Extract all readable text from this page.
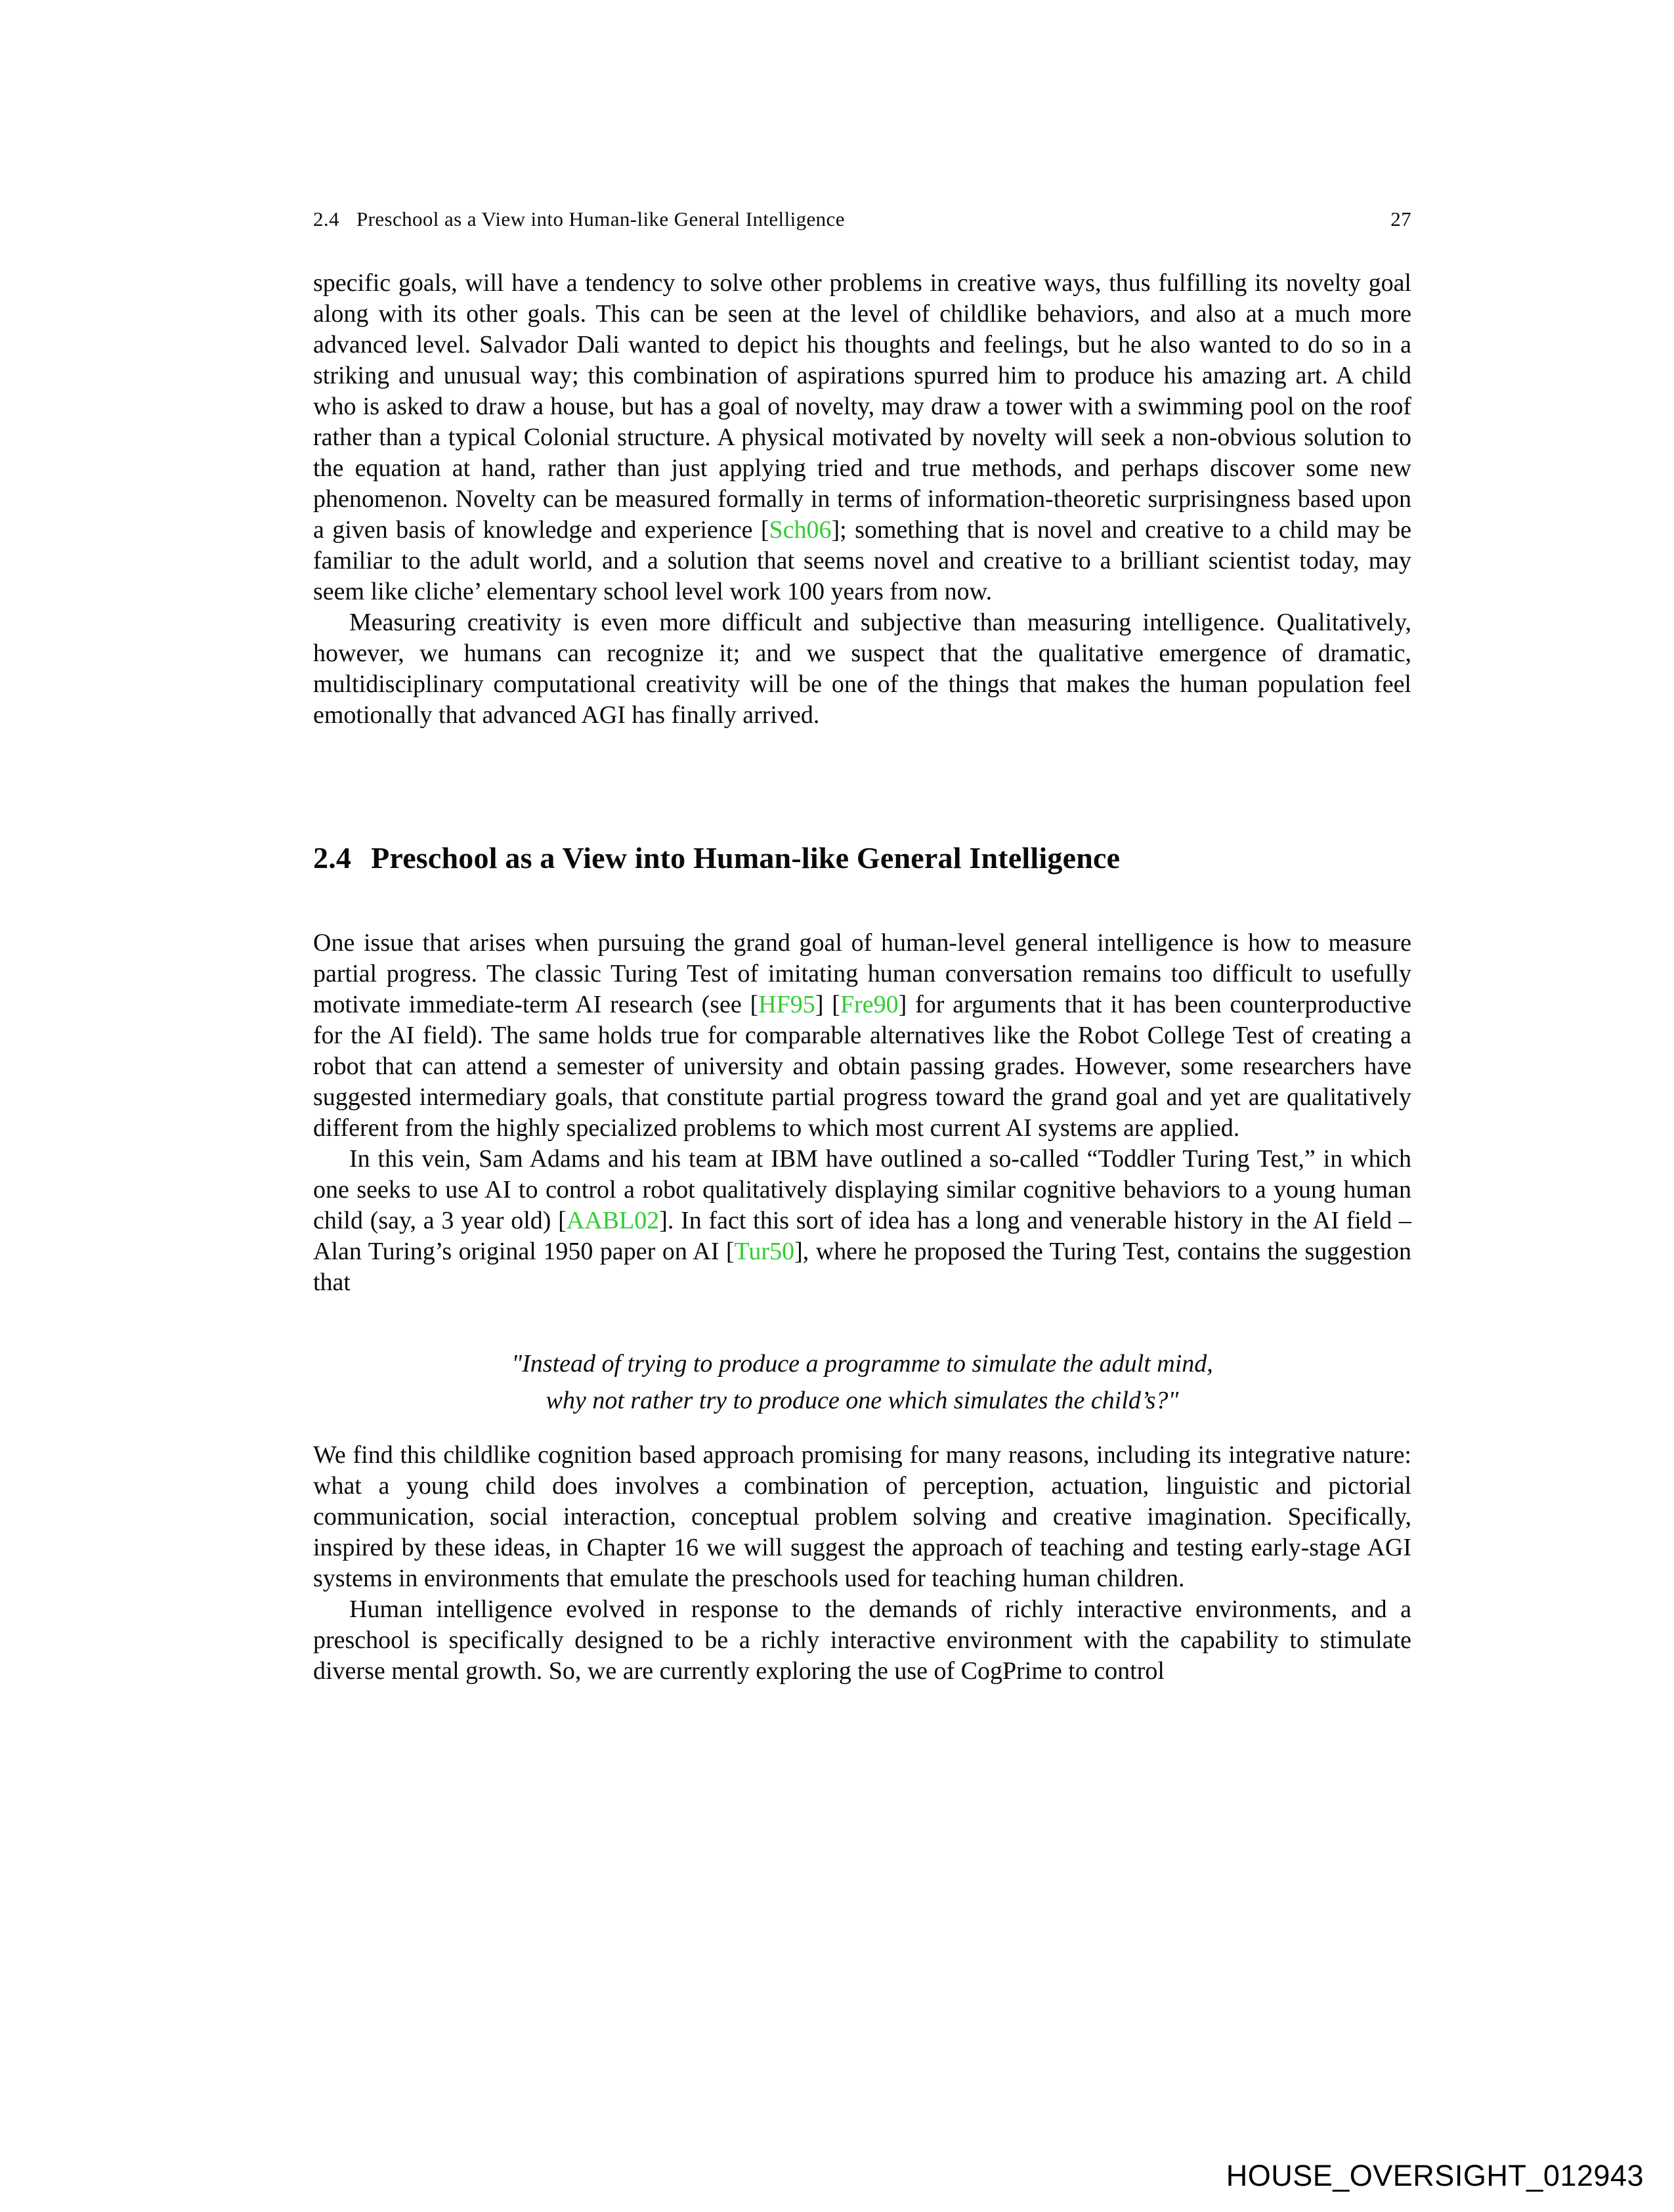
2.4 Preschool as a View into Human-like General Intelligence	27

specific goals, will have a tendency to solve other problems in creative ways, thus fulfilling its novelty goal along with its other goals. This can be seen at the level of childlike behaviors, and also at a much more advanced level. Salvador Dali wanted to depict his thoughts and feelings, but he also wanted to do so in a striking and unusual way; this combination of aspirations spurred him to produce his amazing art. A child who is asked to draw a house, but has a goal of novelty, may draw a tower with a swimming pool on the roof rather than a typical Colonial structure. A physical motivated by novelty will seek a non-obvious solution to the equation at hand, rather than just applying tried and true methods, and perhaps discover some new phenomenon. Novelty can be measured formally in terms of information-theoretic surprisingness based upon a given basis of knowledge and experience [Sch06]; something that is novel and creative to a child may be familiar to the adult world, and a solution that seems novel and creative to a brilliant scientist today, may seem like cliche’ elementary school level work 100 years from now.

Measuring creativity is even more difficult and subjective than measuring intelligence. Qualitatively, however, we humans can recognize it; and we suspect that the qualitative emergence of dramatic, multidisciplinary computational creativity will be one of the things that makes the human population feel emotionally that advanced AGI has finally arrived.

2.4 Preschool as a View into Human-like General Intelligence

One issue that arises when pursuing the grand goal of human-level general intelligence is how to measure partial progress. The classic Turing Test of imitating human conversation remains too difficult to usefully motivate immediate-term AI research (see [HF95] [Fre90] for arguments that it has been counterproductive for the AI field). The same holds true for comparable alternatives like the Robot College Test of creating a robot that can attend a semester of university and obtain passing grades. However, some researchers have suggested intermediary goals, that constitute partial progress toward the grand goal and yet are qualitatively different from the highly specialized problems to which most current AI systems are applied.

In this vein, Sam Adams and his team at IBM have outlined a so-called “Toddler Turing Test,” in which one seeks to use AI to control a robot qualitatively displaying similar cognitive behaviors to a young human child (say, a 3 year old) [AABL02]. In fact this sort of idea has a long and venerable history in the AI field – Alan Turing’s original 1950 paper on AI [Tur50], where he proposed the Turing Test, contains the suggestion that

"Instead of trying to produce a programme to simulate the adult mind,
why not rather try to produce one which simulates the child’s?"

We find this childlike cognition based approach promising for many reasons, including its integrative nature: what a young child does involves a combination of perception, actuation, linguistic and pictorial communication, social interaction, conceptual problem solving and creative imagination. Specifically, inspired by these ideas, in Chapter 16 we will suggest the approach of teaching and testing early-stage AGI systems in environments that emulate the preschools used for teaching human children.

Human intelligence evolved in response to the demands of richly interactive environments, and a preschool is specifically designed to be a richly interactive environment with the capability to stimulate diverse mental growth. So, we are currently exploring the use of CogPrime to control

HOUSE_OVERSIGHT_012943
